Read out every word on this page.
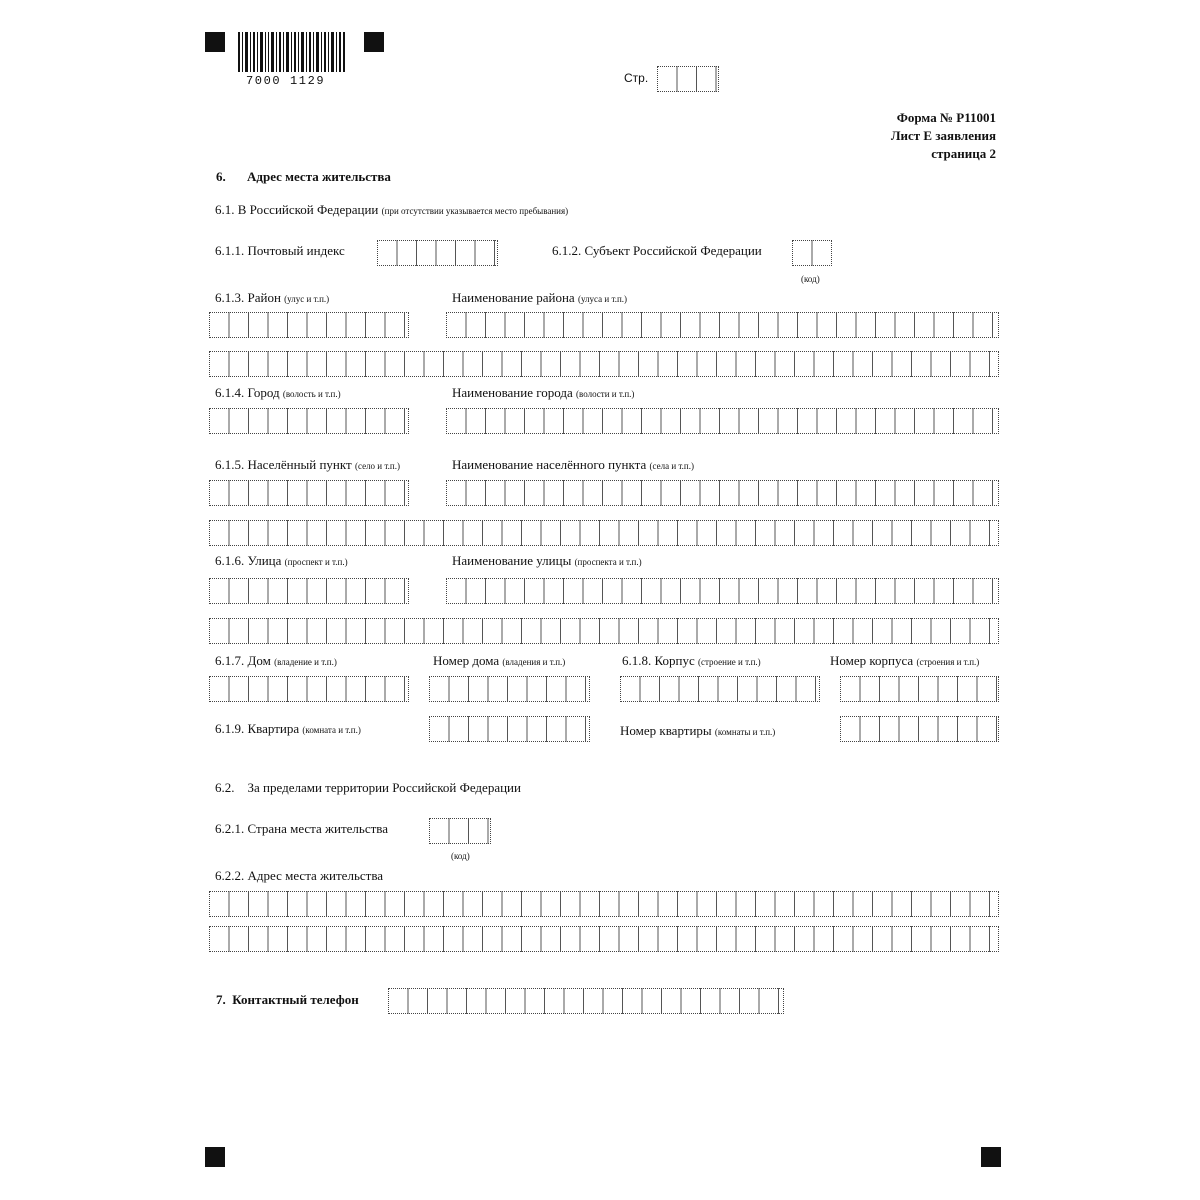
7000 1129	Стр.
Форма № Р11001
Лист Е заявления
страница 2
6. Адрес места жительства
6.1. В Российской Федерации (при отсутствии указывается место пребывания)
6.1.1. Почтовый индекс	6.1.2. Субъект Российской Федерации
(код)
6.1.3. Район (улус и т.п.)	Наименование района (улуса и т.п.)
6.1.4. Город (волость и т.п.)	Наименование города (волости и т.п.)
6.1.5. Населённый пункт (село и т.п.)	Наименование населённого пункта (села и т.п.)
6.1.6. Улица (проспект и т.п.)	Наименование улицы (проспекта и т.п.)
6.1.7. Дом (владение и т.п.)	Номер дома (владения и т.п.)	6.1.8. Корпус (строение и т.п.)	Номер корпуса (строения и т.п.)
6.1.9. Квартира (комната и т.п.)	Номер квартиры (комнаты и т.п.)
6.2.    За пределами территории Российской Федерации
6.2.1. Страна места жительства
(код)
6.2.2. Адрес места жительства
7.  Контактный телефон
